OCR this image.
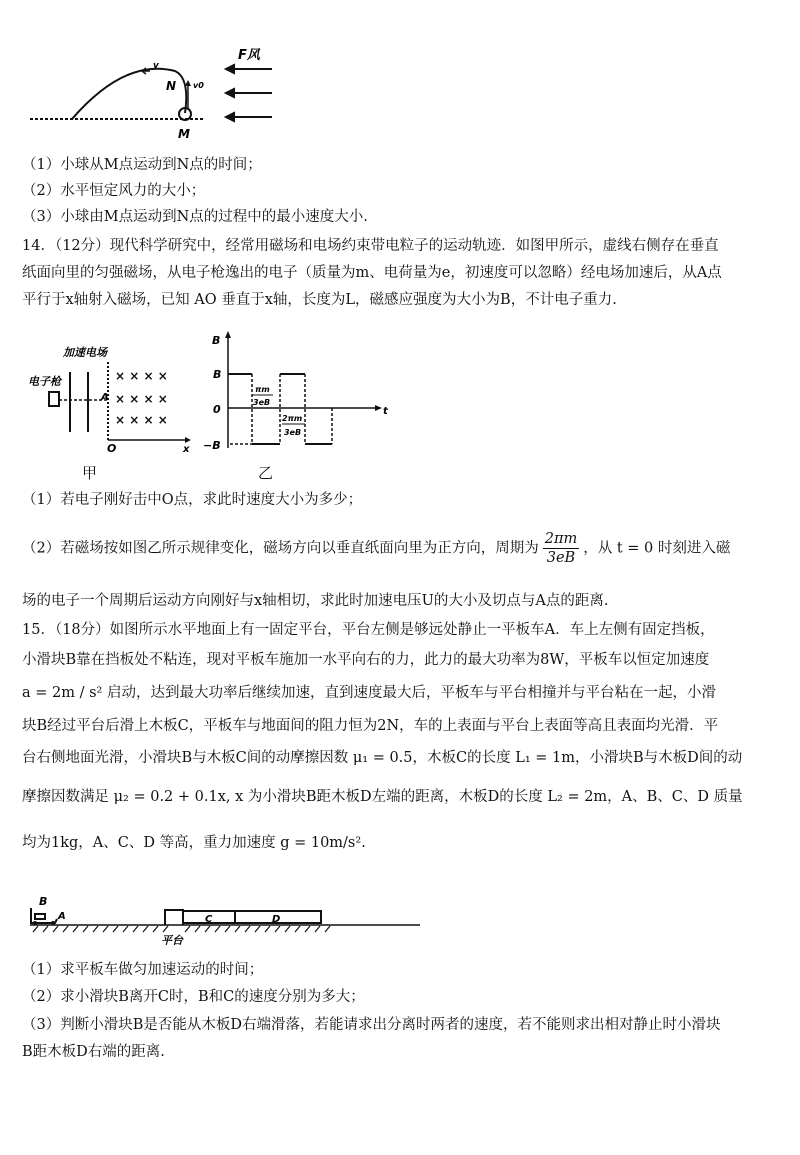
v
N v0
M
F风
（1）小球从M点运动到N点的时间；
（2）水平恒定风力的大小；
（3）小球由M点运动到N点的过程中的最小速度大小.
14．（12分）现代科学研究中，经常用磁场和电场约束带电粒子的运动轨迹．如图甲所示，虚线右侧存在垂直
纸面向里的匀强磁场，从电子枪逸出的电子（质量为m、电荷量为e，初速度可以忽略）经电场加速后，从A点
平行于x轴射入磁场，已知 AO 垂直于x轴，长度为L，磁感应强度为大小为B，不计电子重力.
加速电场
电子枪
A
O	x
× × × ×
× × × ×
× × × ×
甲
B
t
B
0
−B
πm
3eB
2πm
3eB
乙
（1）若电子刚好击中O点，求此时速度大小为多少；
（2）若磁场按如图乙所示规律变化，磁场方向以垂直纸面向里为正方向，周期为 $\frac{2\pi m}{3eB}$ ，从 t = 0 时刻进入磁
场的电子一个周期后运动方向刚好与x轴相切，求此时加速电压U的大小及切点与A点的距离.
15．（18分）如图所示水平地面上有一固定平台，平台左侧是够远处静止一平板车A．车上左侧有固定挡板，
小滑块B靠在挡板处不粘连，现对平板车施加一水平向右的力，此力的最大功率为8W，平板车以恒定加速度
a = 2m / s² 启动，达到最大功率后继续加速，直到速度最大后，平板车与平台相撞并与平台粘在一起，小滑
块B经过平台后滑上木板C，平板车与地面间的阻力恒为2N，车的上表面与平台上表面等高且表面均光滑．平
台右侧地面光滑，小滑块B与木板C间的动摩擦因数 μ₁ = 0.5，木板C的长度 L₁ = 1m，小滑块B与木板D间的动
摩擦因数满足 μ₂ = 0.2 + 0.1x, x 为小滑块B距木板D左端的距离，木板D的长度 L₂ = 2m，A、B、C、D 质量
均为1kg，A、C、D 等高，重力加速度 g = 10m/s².
B
A	C	D
平台
（1）求平板车做匀加速运动的时间；
（2）求小滑块B离开C时，B和C的速度分别为多大；
（3）判断小滑块B是否能从木板D右端滑落，若能请求出分离时两者的速度，若不能则求出相对静止时小滑块
B距木板D右端的距离.
